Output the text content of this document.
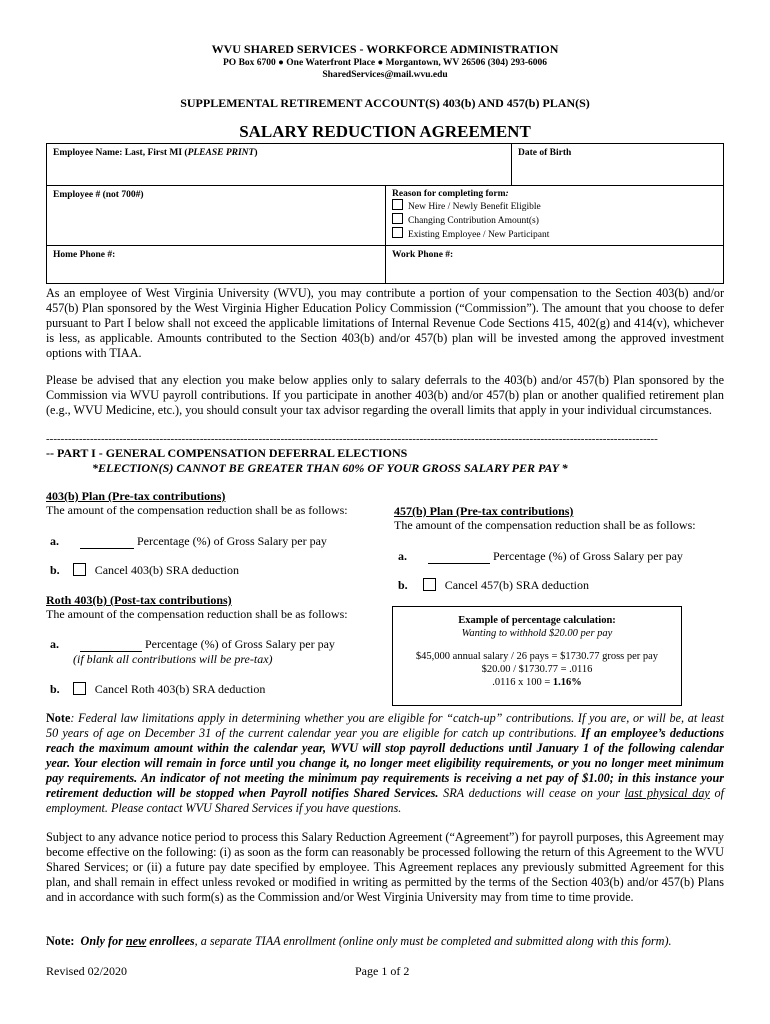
WVU SHARED SERVICES - WORKFORCE ADMINISTRATION
PO Box 6700 ● One Waterfront Place ● Morgantown, WV 26506 (304) 293-6006
SharedServices@mail.wvu.edu
SUPPLEMENTAL RETIREMENT ACCOUNT(S) 403(b) AND 457(b) PLAN(S)
SALARY REDUCTION AGREEMENT
Employee Name: Last, First MI (PLEASE PRINT)		Date of Birth
Employee # (not 700#)	Reason for completing form:
New Hire / Newly Benefit Eligible
Changing Contribution Amount(s)
Existing Employee / New Participant	

Home Phone #:	Work Phone #:	
As an employee of West Virginia University (WVU), you may contribute a portion of your compensation to the Section 403(b) and/or 457(b) Plan sponsored by the West Virginia Higher Education Policy Commission (“Commission”). The amount that you choose to defer pursuant to Part I below shall not exceed the applicable limitations of Internal Revenue Code Sections 415, 402(g) and 414(v), whichever is less, as applicable. Amounts contributed to the Section 403(b) and/or 457(b) plan will be invested among the approved investment options with TIAA.
Please be advised that any election you make below applies only to salary deferrals to the 403(b) and/or 457(b) Plan sponsored by the Commission via WVU payroll contributions. If you participate in another 403(b) and/or 457(b) plan or another qualified retirement plan (e.g., WVU Medicine, etc.), you should consult your tax advisor regarding the overall limits that apply in your individual circumstances.
-----------------------------------------------------------------------------------------------------------------------------------------------------------------------
-- PART I - GENERAL COMPENSATION DEFERRAL ELECTIONS
*ELECTION(S) CANNOT BE GREATER THAN 60% OF YOUR GROSS SALARY PER PAY *
403(b) Plan (Pre-tax contributions)
The amount of the compensation reduction shall be as follows:
a.	Percentage (%) of Gross Salary per pay
b.	Cancel 403(b) SRA deduction
Roth 403(b) (Post-tax contributions)
The amount of the compensation reduction shall be as follows:
a.	Percentage (%) of Gross Salary per pay
(if blank all contributions will be pre-tax)
b.	Cancel Roth 403(b) SRA deduction
457(b) Plan (Pre-tax contributions)
The amount of the compensation reduction shall be as follows:
a.	Percentage (%) of Gross Salary per pay
b.	Cancel 457(b) SRA deduction
Example of percentage calculation:
Wanting to withhold $20.00 per pay
$45,000 annual salary / 26 pays = $1730.77 gross per pay
$20.00 / $1730.77 = .0116
.0116 x 100 = 1.16%
Note: Federal law limitations apply in determining whether you are eligible for “catch-up” contributions. If you are, or will be, at least 50 years of age on December 31 of the current calendar year you are eligible for catch up contributions. If an employee’s deductions reach the maximum amount within the calendar year, WVU will stop payroll deductions until January 1 of the following calendar year. Your election will remain in force until you change it, no longer meet eligibility requirements, or you no longer meet minimum pay requirements. An indicator of not meeting the minimum pay requirements is receiving a net pay of $1.00; in this instance your retirement deduction will be stopped when Payroll notifies Shared Services. SRA deductions will cease on your last physical day of employment. Please contact WVU Shared Services if you have questions.
Subject to any advance notice period to process this Salary Reduction Agreement (“Agreement”) for payroll purposes, this Agreement may become effective on the following: (i) as soon as the form can reasonably be processed following the return of this Agreement to the WVU Shared Services; or (ii) a future pay date specified by employee. This Agreement replaces any previously submitted Agreement for this plan, and shall remain in effect unless revoked or modified in writing as permitted by the terms of the Section 403(b) and/or 457(b) Plans and in accordance with such form(s) as the Commission and/or West Virginia University may from time to time provide.
Note: Only for new enrollees, a separate TIAA enrollment (online only must be completed and submitted along with this form).
Revised 02/2020	Page 1 of 2
